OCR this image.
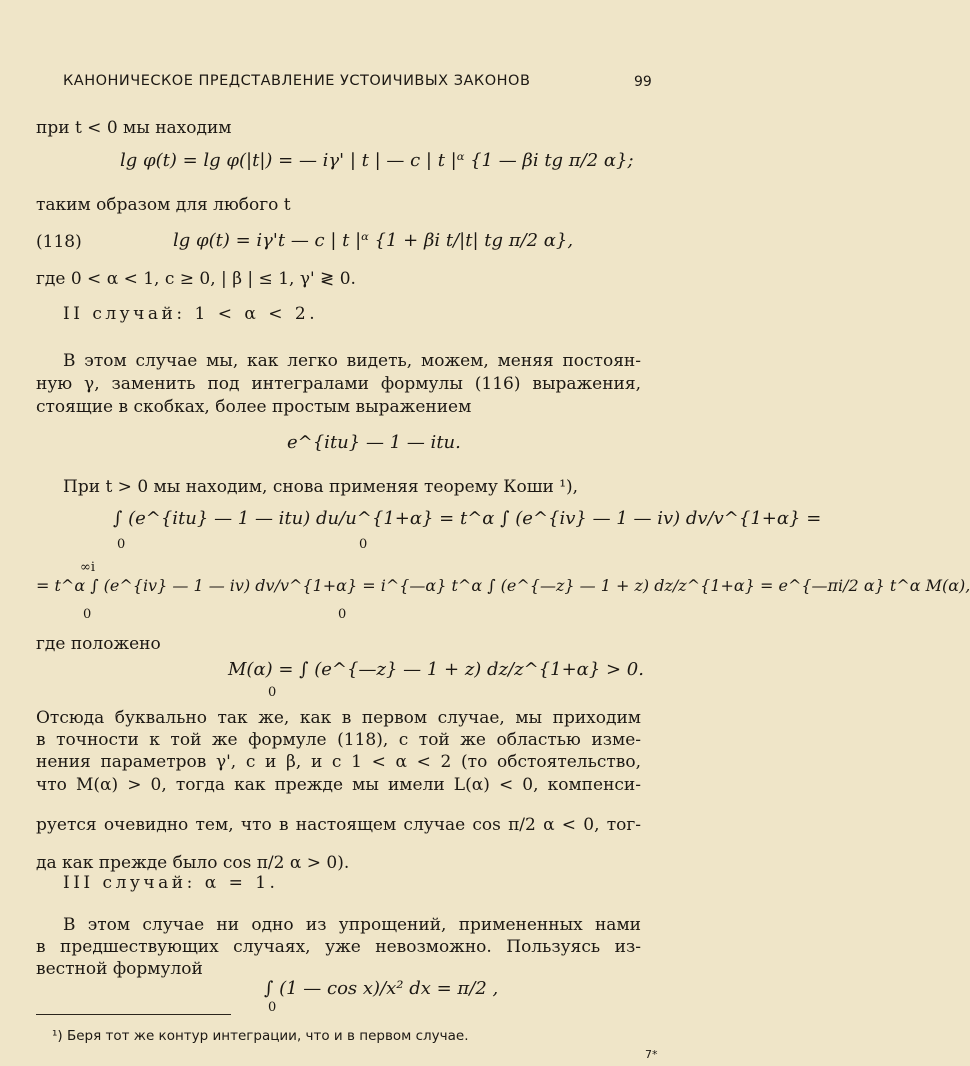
КАНОНИЧЕСКОЕ ПРЕДСТАВЛЕНИЕ УСТОИЧИВЫХ ЗАКОНОВ	99
при t < 0 мы находим
lg φ(t) = lg φ(|t|) = — iγ' | t | — c | t |ᵅ {1 — βi tg π/2 α};
таким образом для любого t
(118)	lg φ(t) = iγ't — c | t |ᵅ {1 + βi t/|t| tg π/2 α},
где 0 < α < 1, c ≥ 0, | β | ≤ 1, γ' ≷ 0.
II случай: 1 < α < 2.
В этом случае мы, как легко видеть, можем, меняя постоян-
ную γ, заменить под интегралами формулы (116) выражения,
стоящие в скобках, более простым выражением
e^{itu} — 1 — itu.
При t > 0 мы находим, снова применяя теорему Коши ¹),
∫ (e^{itu} — 1 — itu) du/u^{1+α} = t^α ∫ (e^{iv} — 1 — iv) dv/v^{1+α} =
0	0
∞i
= t^α ∫ (e^{iv} — 1 — iv) dv/v^{1+α} = i^{—α} t^α ∫ (e^{—z} — 1 + z) dz/z^{1+α} = e^{—πi/2 α} t^α M(α),
0	0
где положено
M(α) = ∫ (e^{—z} — 1 + z) dz/z^{1+α} > 0.
0
Отсюда буквально так же, как в первом случае, мы приходим
в точности к той же формуле (118), с той же областью изме-
нения параметров γ', c и β, и с 1 < α < 2 (то обстоятельство,
что M(α) > 0, тогда как прежде мы имели L(α) < 0, компенси-
руется очевидно тем, что в настоящем случае cos π/2 α < 0, тог-
да как прежде было cos π/2 α > 0).
III случай: α = 1.
В этом случае ни одно из упрощений, примененных нами
в предшествующих случаях, уже невозможно. Пользуясь из-
вестной формулой
∫ (1 — cos x)/x² dx = π/2 ,
0
¹) Беря тот же контур интеграции, что и в первом случае.
7*
